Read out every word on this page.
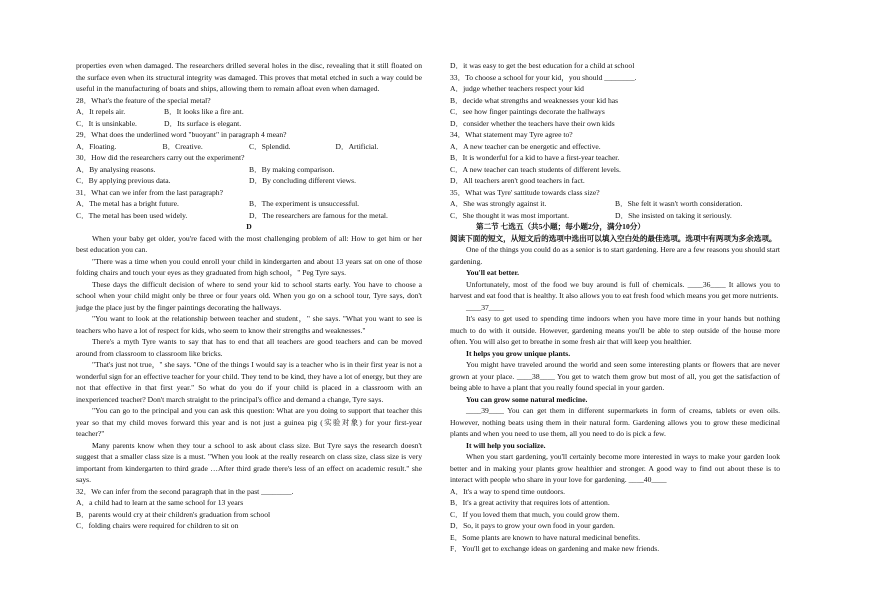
properties even when damaged. The researchers drilled several holes in the disc, revealing that it still floated on the surface even when its structural integrity was damaged. This proves that metal etched in such a way could be useful in the manufacturing of boats and ships, allowing them to remain afloat even when damaged.

28．What's the feature of the special metal?

A．It repels air.	B．It looks like a fire ant.
C．It is unsinkable.	D．Its surface is elegant.

29．What does the underlined word "buoyant" in paragraph 4 mean?

A．Floating.	B．Creative.	C．Splendid.	D．Artificial.

30．How did the researchers carry out the experiment?

A．By analysing reasons.	B．By making comparison.
C．By applying previous data.	D．By concluding different views.

31．What can we infer from the last paragraph?

A．The metal has a bright future.	B．The experiment is unsuccessful.
C．The metal has been used widely.	D．The researchers are famous for the metal.

D

When your baby get older, you're faced with the most challenging problem of all: How to get him or her best education you can.

"There was a time when you could enroll your child in kindergarten and about 13 years sat on one of those folding chairs and touch your eyes as they graduated from high school，" Peg Tyre says.

These days the difficult decision of where to send your kid to school starts early. You have to choose a school when your child might only be three or four years old. When you go on a school tour, Tyre says, don't judge the place just by the finger paintings decorating the hallways.

"You want to look at the relationship between teacher and student，" she says. "What you want to see is teachers who have a lot of respect for kids, who seem to know their strengths and weaknesses."

There's a myth Tyre wants to say that has to end that all teachers are good teachers and can be moved around from classroom to classroom like bricks.

"That's just not true，" she says. "One of the things I would say is a teacher who is in their first year is not a wonderful sign for an effective teacher for your child. They tend to be kind, they have a lot of energy, but they are not that effective in that first year." So what do you do if your child is placed in a classroom with an inexperienced teacher? Don't march straight to the principal's office and demand a change, Tyre says.

"You can go to the principal and you can ask this question: What are you doing to support that teacher this year so that my child moves forward this year and is not just a guinea pig (实验对象) for your first-year teacher?"

Many parents know when they tour a school to ask about class size. But Tyre says the research doesn't suggest that a smaller class size is a must. "When you look at the really research on class size, class size is very important from kindergarten to third grade …After third grade there's less of an effect on academic result." she says.

32．We can infer from the second paragraph that in the past ________.

A．a child had to learn at the same school for 13 years

B．parents would cry at their children's graduation from school

C．folding chairs were required for children to sit on

D．it was easy to get the best education for a child at school

33．To choose a school for your kid，you should ________.

A．judge whether teachers respect your kid

B．decide what strengths and weaknesses your kid has

C．see how finger paintings decorate the hallways

D．consider whether the teachers have their own kids

34．What statement may Tyre agree to?

A．A new teacher can be energetic and effective.

B．It is wonderful for a kid to have a first-year teacher.

C．A new teacher can teach students of different levels.

D．All teachers aren't good teachers in fact.

35．What was Tyre' sattitude towards class size?

A．She was strongly against it.	B．She felt it wasn't worth consideration.
C．She thought it was most important.	D．She insisted on taking it seriously.

第二节 七选五（共5小题；每小题2分，满分10分）

阅读下面的短文，从短文后的选项中选出可以填入空白处的最佳选项。选项中有两项为多余选项。

One of the things you could do as a senior is to start gardening. Here are a few reasons you should start gardening.

You'll eat better.

Unfortunately, most of the food we buy around is full of chemicals. ____36____ It allows you to harvest and eat food that is healthy. It also allows you to eat fresh food which means you get more nutrients.

____37____

It's easy to get used to spending time indoors when you have more time in your hands but nothing much to do with it outside. However, gardening means you'll be able to step outside of the house more often. You will also get to breathe in some fresh air that will keep you healthier.

It helps you grow unique plants.

You might have traveled around the world and seen some interesting plants or flowers that are never grown at your place. ____38____ You get to watch them grow but most of all, you get the satisfaction of being able to have a plant that you really found special in your garden.

You can grow some natural medicine.

____39____ You can get them in different supermarkets in form of creams, tablets or even oils. However, nothing beats using them in their natural form. Gardening allows you to grow these medicinal plants and when you need to use them, all you need to do is pick a few.

It will help you socialize.

When you start gardening, you'll certainly become more interested in ways to make your garden look better and in making your plants grow healthier and stronger. A good way to find out about these is to interact with people who share in your love for gardening. ____40____

A．It's a way to spend time outdoors.

B．It's a great activity that requires lots of attention.

C．If you loved them that much, you could grow them.

D．So, it pays to grow your own food in your garden.

E．Some plants are known to have natural medicinal benefits.

F．You'll get to exchange ideas on gardening and make new friends.
